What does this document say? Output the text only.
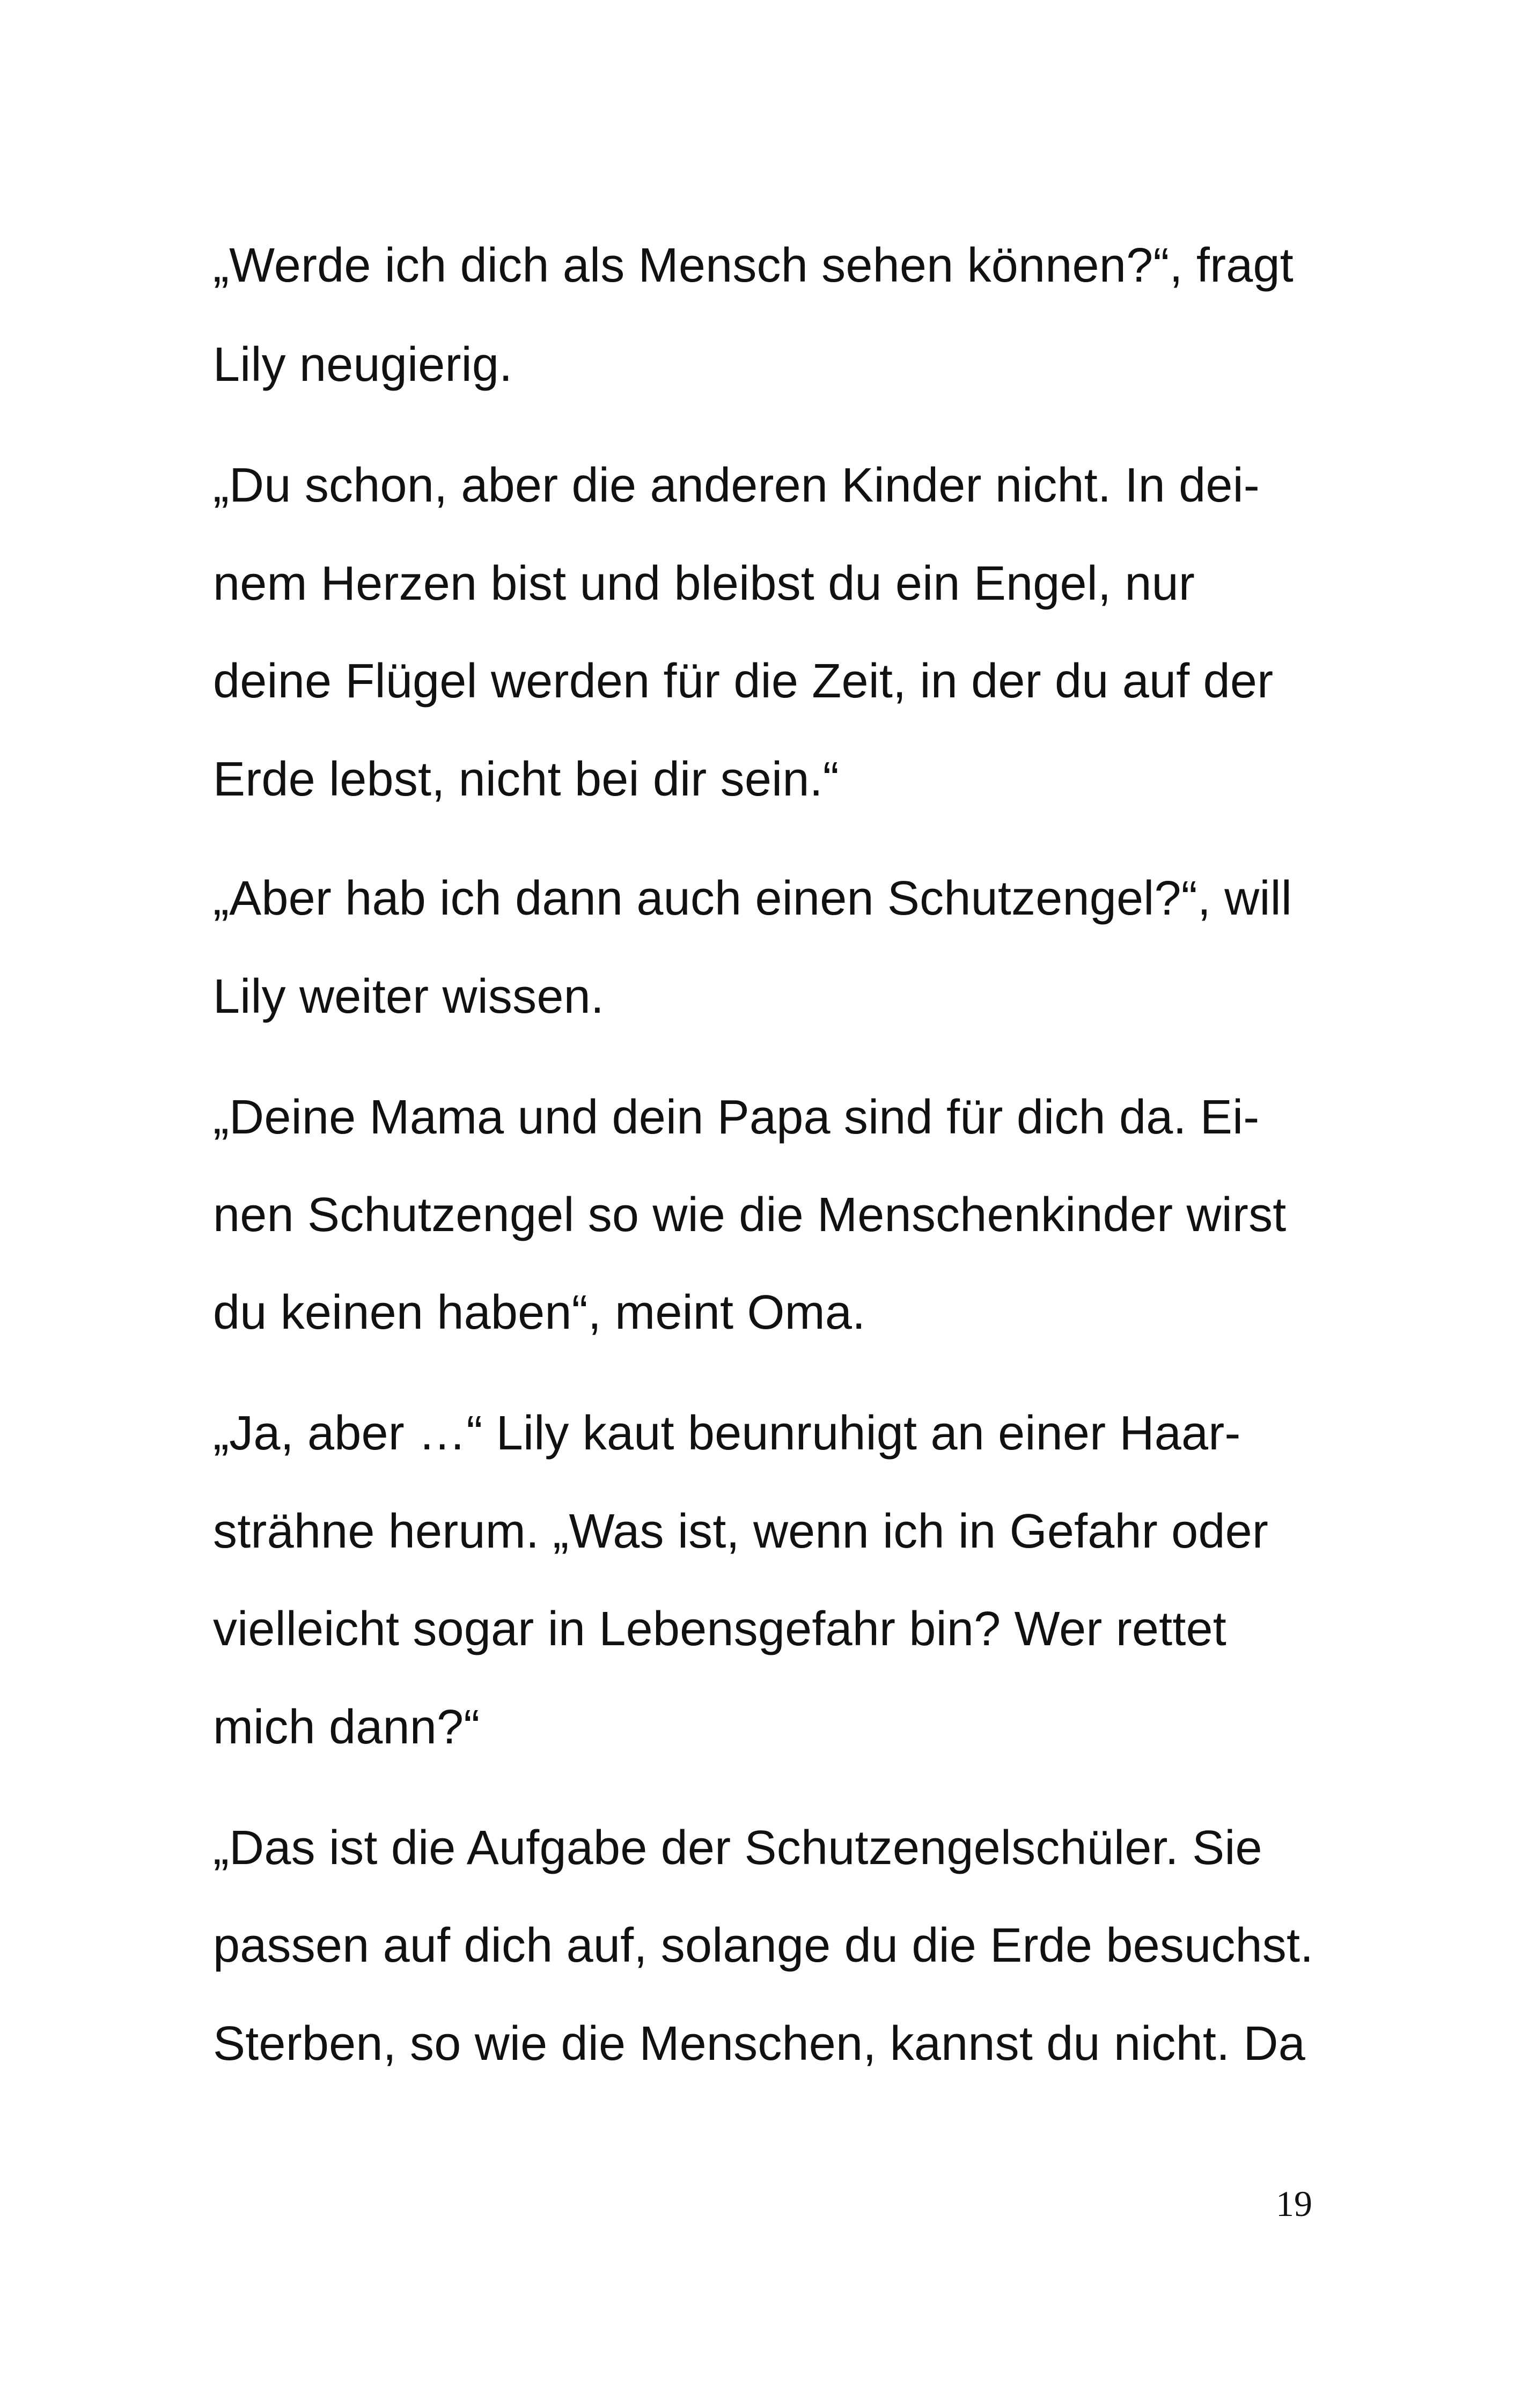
„Werde ich dich als Mensch sehen können?“, fragt
Lily neugierig.
„Du schon, aber die anderen Kinder nicht. In dei-
nem Herzen bist und bleibst du ein Engel, nur
deine Flügel werden für die Zeit, in der du auf der
Erde lebst, nicht bei dir sein.“
„Aber hab ich dann auch einen Schutzengel?“, will
Lily weiter wissen.
„Deine Mama und dein Papa sind für dich da. Ei-
nen Schutzengel so wie die Menschenkinder wirst
du keinen haben“, meint Oma.
„Ja, aber …“ Lily kaut beunruhigt an einer Haar-
strähne herum. „Was ist, wenn ich in Gefahr oder
vielleicht sogar in Lebensgefahr bin? Wer rettet
mich dann?“
„Das ist die Aufgabe der Schutzengelschüler. Sie
passen auf dich auf, solange du die Erde besuchst.
Sterben, so wie die Menschen, kannst du nicht. Da
19
